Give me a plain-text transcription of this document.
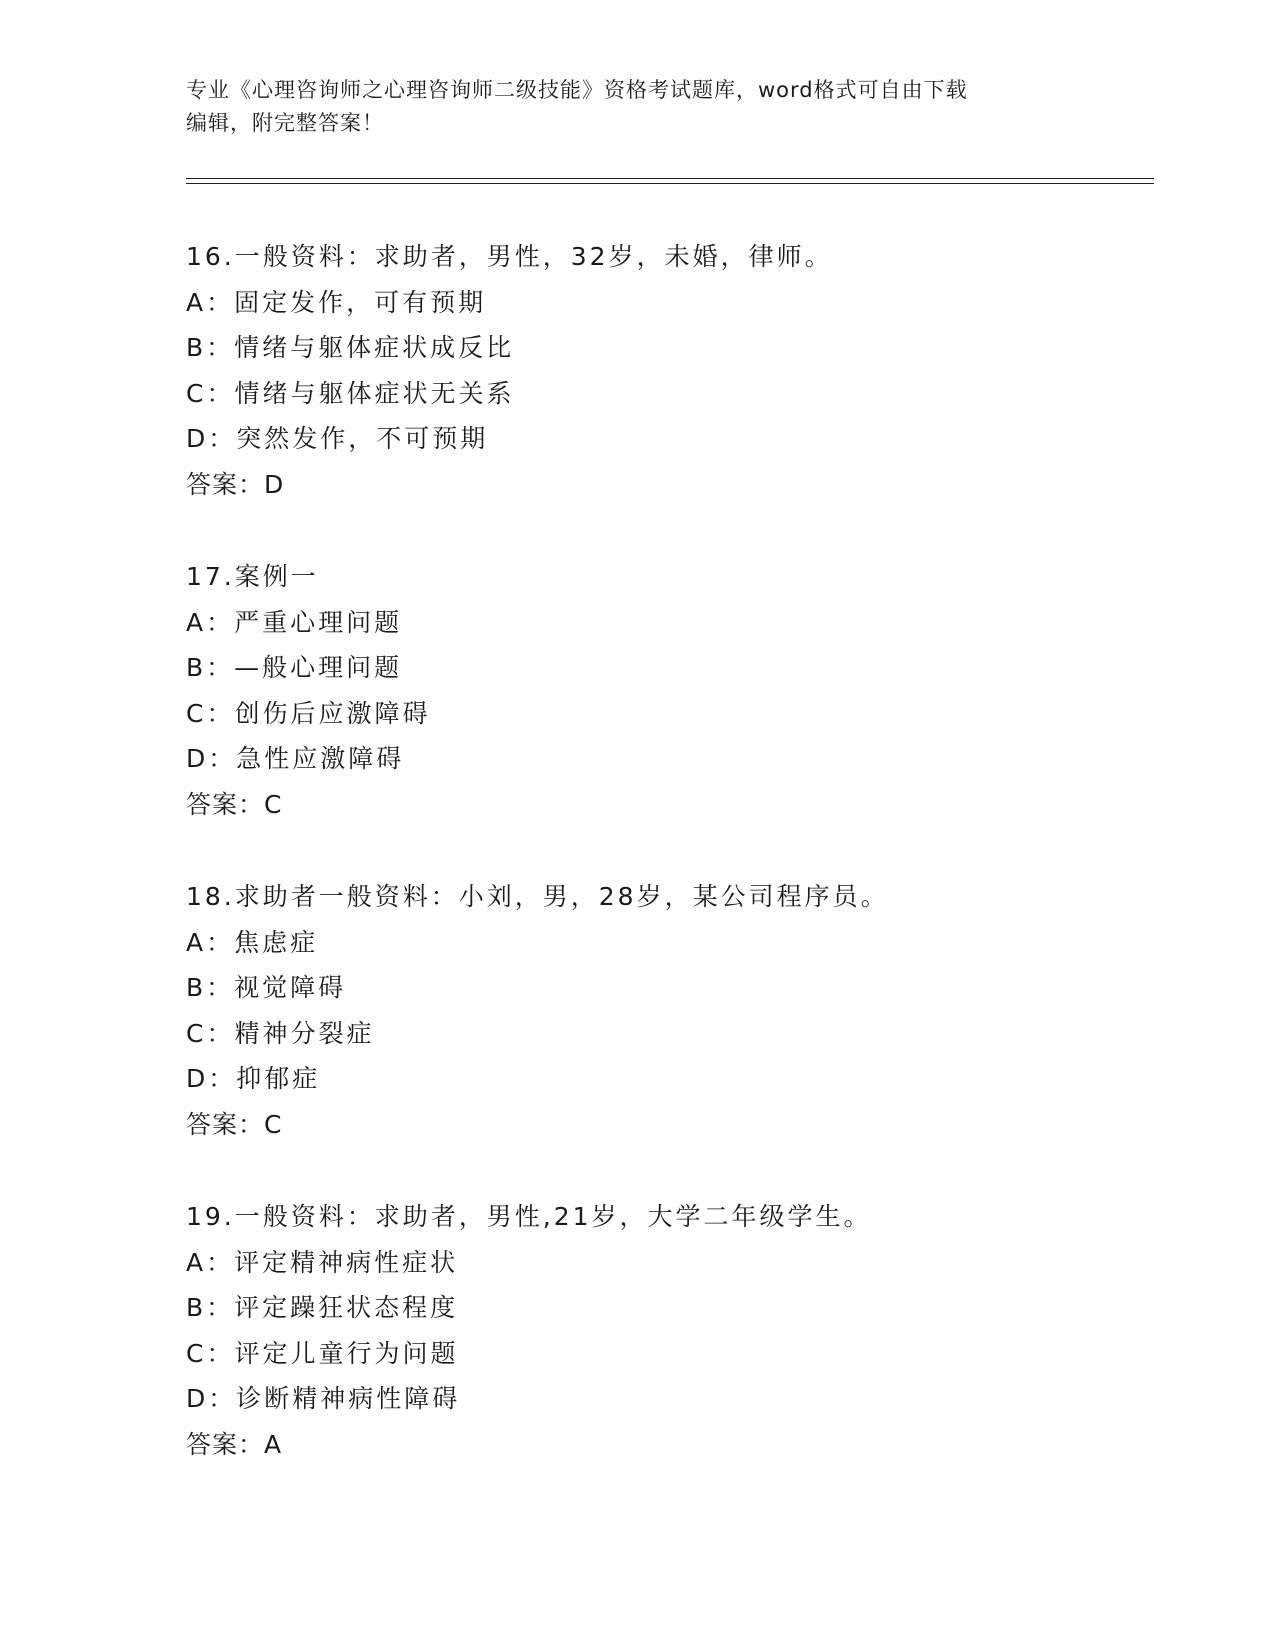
专业《心理咨询师之心理咨询师二级技能》资格考试题库，word格式可自由下载
编辑，附完整答案！
16.一般资料：求助者，男性，32岁，未婚，律师。
A：固定发作，可有预期
B：情绪与躯体症状成反比
C：情绪与躯体症状无关系
D：突然发作，不可预期
答案：D
17.案例一
A：严重心理问题
B：—般心理问题
C：创伤后应激障碍
D：急性应激障碍
答案：C
18.求助者一般资料：小刘，男，28岁，某公司程序员。
A：焦虑症
B：视觉障碍
C：精神分裂症
D：抑郁症
答案：C
19.一般资料：求助者，男性,21岁，大学二年级学生。
A：评定精神病性症状
B：评定躁狂状态程度
C：评定儿童行为问题
D：诊断精神病性障碍
答案：A
